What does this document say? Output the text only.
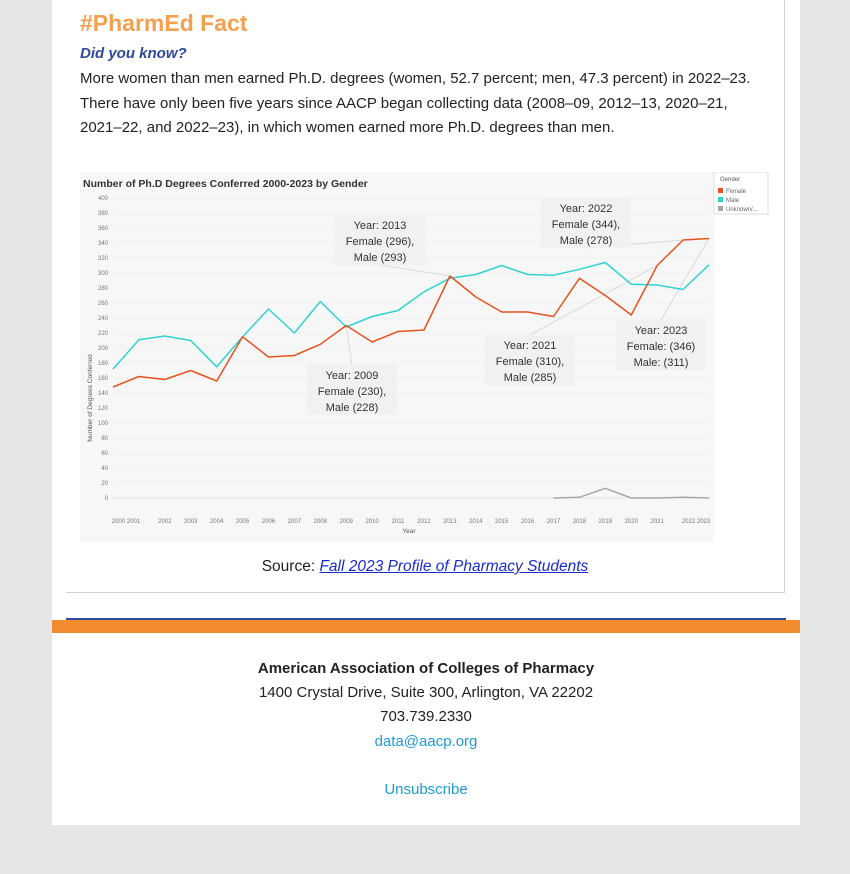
#PharmEd Fact
Did you know?
More women than men earned Ph.D. degrees (women, 52.7 percent; men, 47.3 percent) in 2022–23. There have only been five years since AACP began collecting data (2008–09, 2012–13, 2020–21, 2021–22, and 2022–23), in which women earned more Ph.D. degrees than men.
Number of Ph.D Degrees Conferred 2000-2023 by Gender
Number of Degrees Conferred
Year
Gender
Female
Male
Unknown/...
0
20
40
60
80
100
120
140
160
180
200
220
240
260
280
300
320
340
360
380
400
2000 2001	2002 2003 2004 2005 2006 2007 2008 2009 2010 2011 2012 2013 2014 2015 2016 2017 2018 2019 2020 2021	2022 2023
Year: 2009
Female (230),
Male (228)
Year: 2013
Female (296),
Male (293)
Year: 2021
Female (310),
Male (285)
Year: 2022
Female (344),
Male (278)
Year: 2023
Female: (346)
Male: (311)
Source: Fall 2023 Profile of Pharmacy Students
American Association of Colleges of Pharmacy
1400 Crystal Drive, Suite 300, Arlington, VA 22202
703.739.2330
data@aacp.org
Unsubscribe
